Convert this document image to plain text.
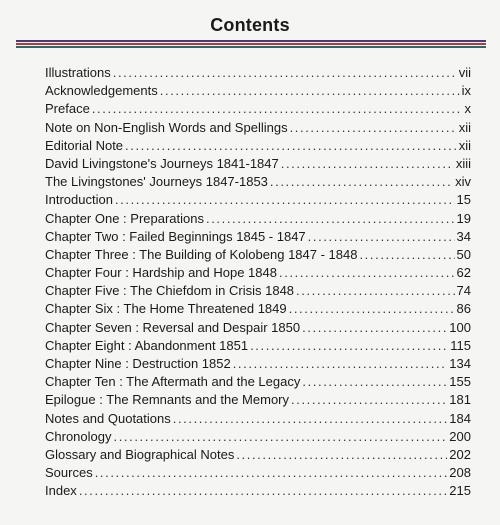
Contents
Illustrations .....	vii
Acknowledgements .....	ix
Preface .....	x
Note on Non-English Words and Spellings .....	xii
Editorial Note .....	xii
David Livingstone's Journeys 1841-1847 .....	xiii
The Livingstones' Journeys 1847-1853 .....	xiv
Introduction .....	15
Chapter One : Preparations .....	19
Chapter Two : Failed Beginnings 1845 - 1847 .....	34
Chapter Three : The Building of Kolobeng 1847 - 1848 .....	50
Chapter Four : Hardship and Hope 1848 .....	62
Chapter Five : The Chiefdom in Crisis 1848 .....	74
Chapter Six : The Home Threatened 1849 .....	86
Chapter Seven : Reversal and Despair 1850 .....	100
Chapter Eight : Abandonment 1851 .....	115
Chapter Nine : Destruction 1852 .....	134
Chapter Ten : The Aftermath and the Legacy .....	155
Epilogue : The Remnants and the Memory .....	181
Notes and Quotations .....	184
Chronology .....	200
Glossary and Biographical Notes .....	202
Sources .....	208
Index .....	215
